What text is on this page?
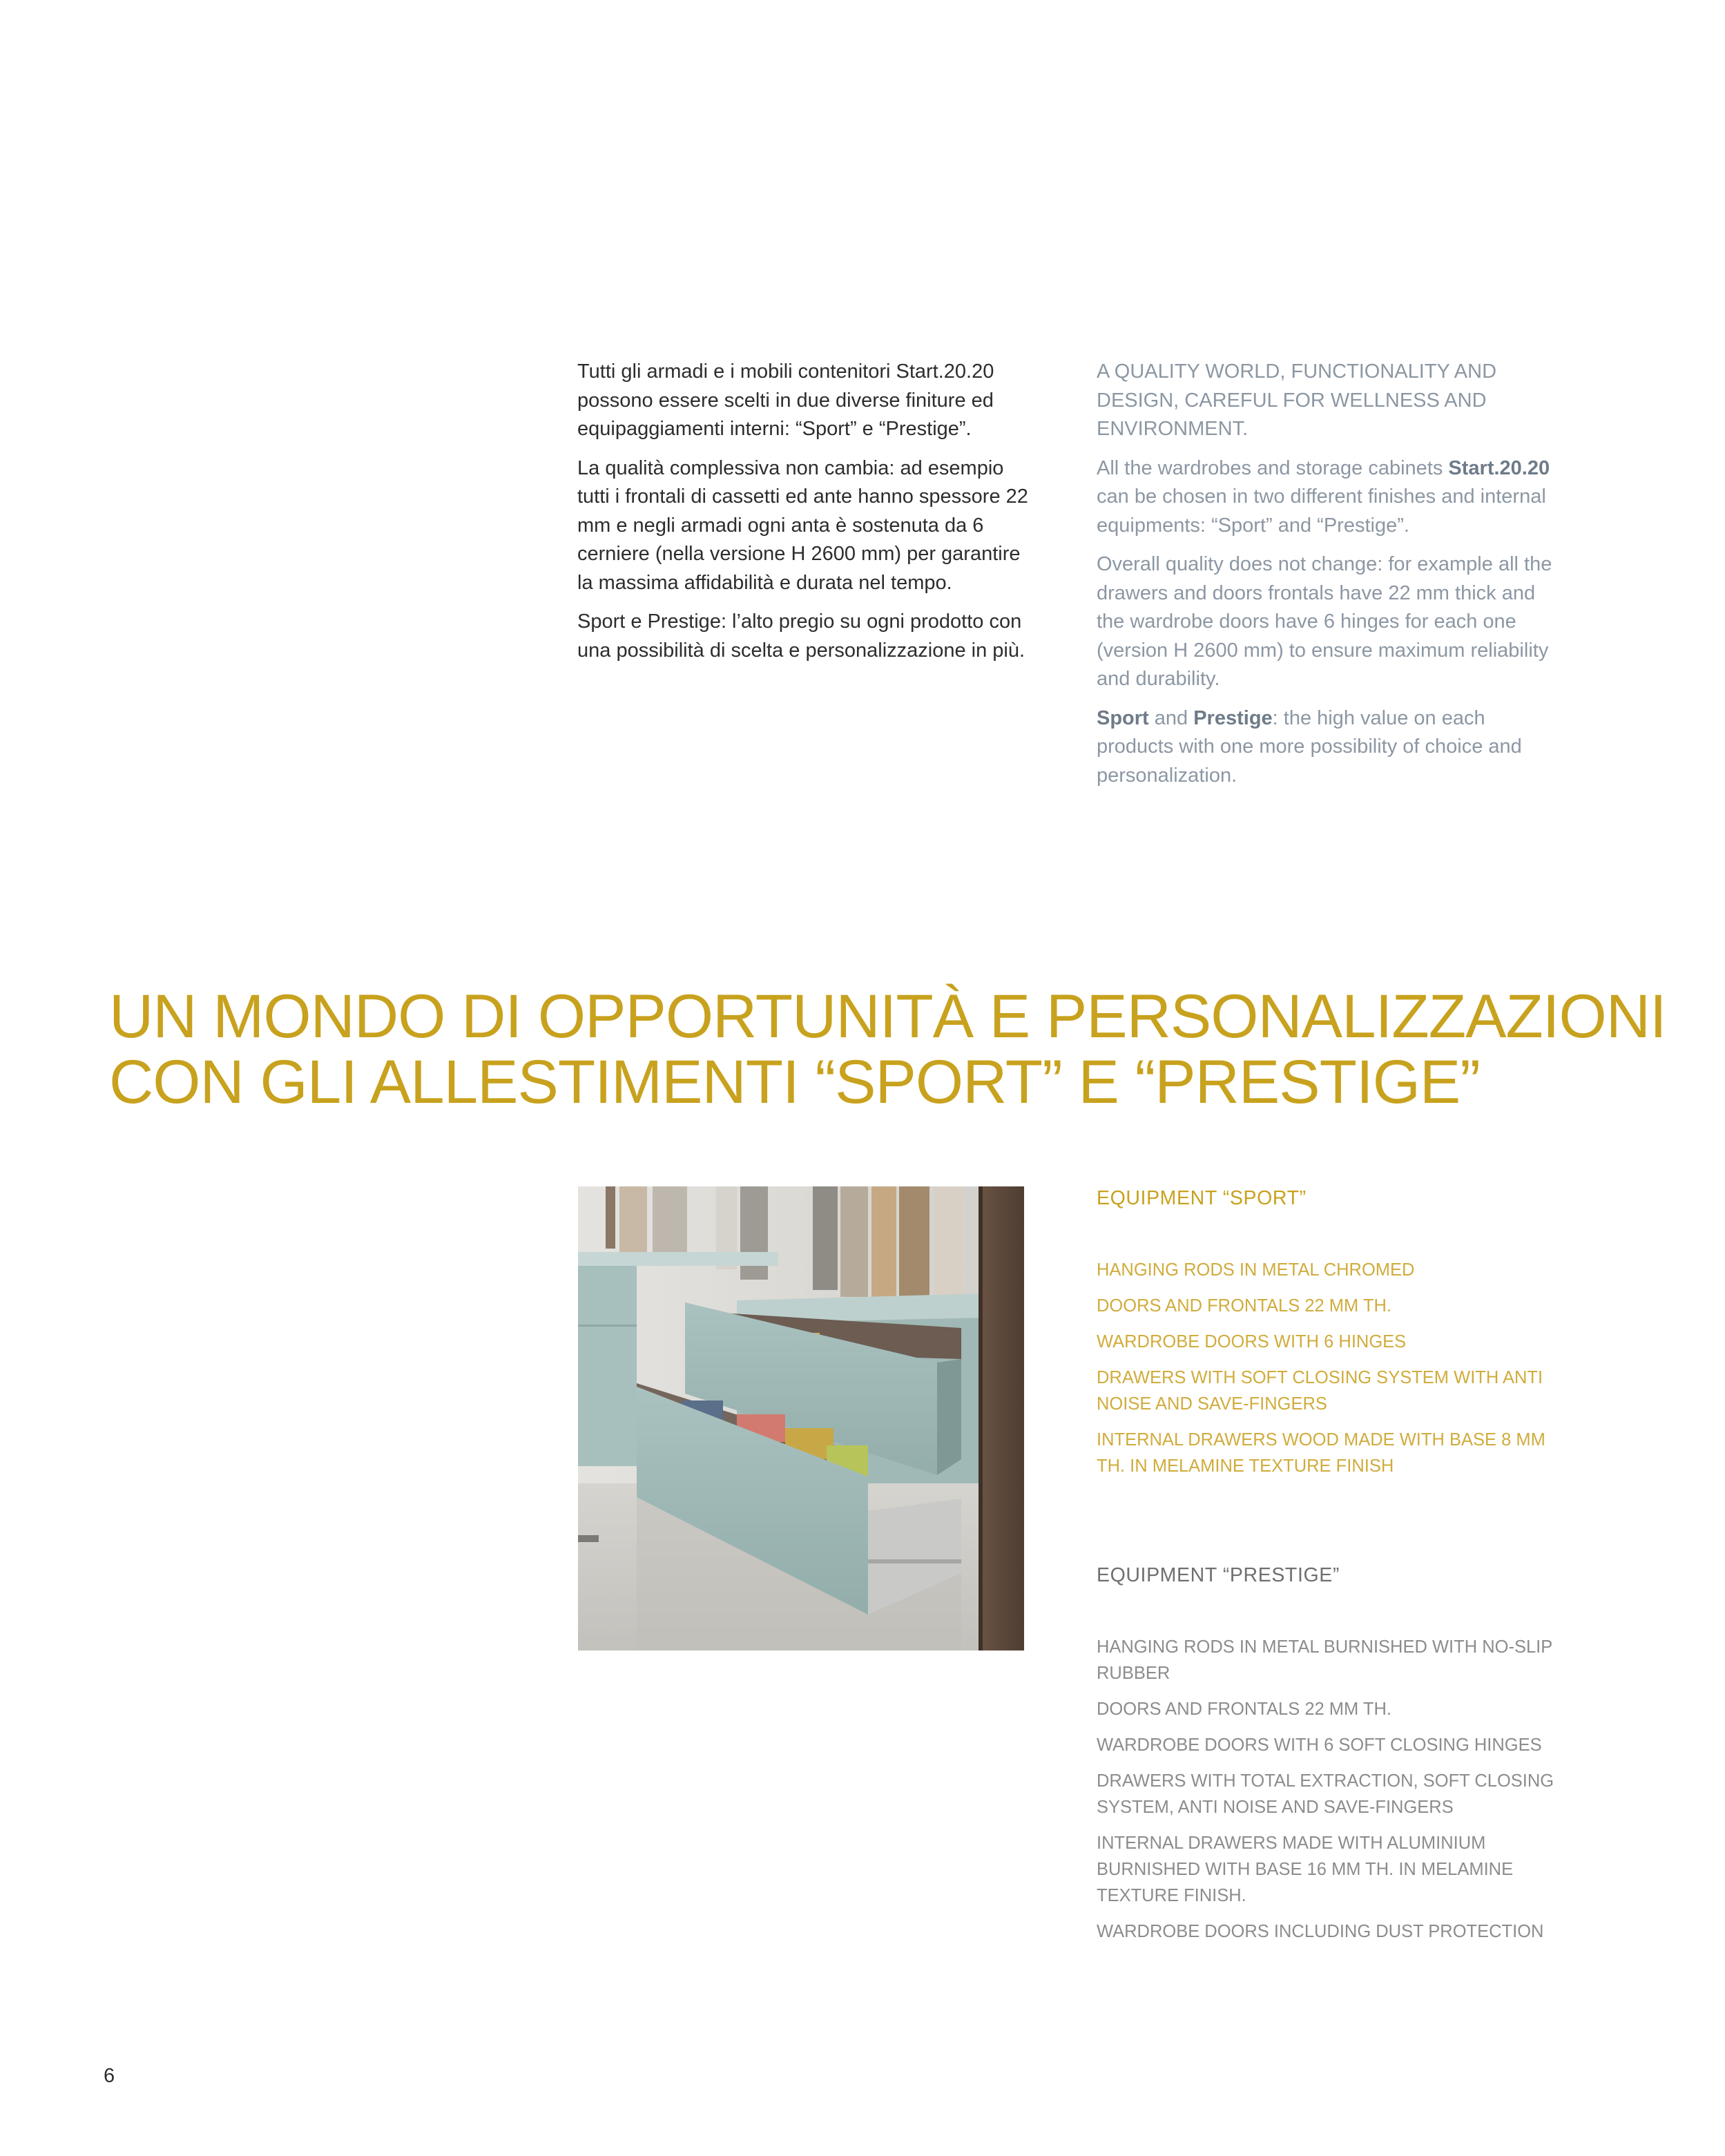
Tutti gli armadi e i mobili contenitori Start.20.20 possono essere scelti in due diverse finiture ed equipaggiamenti interni: “Sport” e “Prestige”.

La qualità complessiva non cambia: ad esempio tutti i frontali di cassetti ed ante hanno spessore 22 mm e negli armadi ogni anta è sostenuta da 6 cerniere (nella versione H 2600 mm) per garantire la massima affidabilità e durata nel tempo.

Sport e Prestige: l’alto pregio su ogni prodotto con una possibilità di scelta e personalizzazione in più.

A QUALITY WORLD, FUNCTIONALITY AND DESIGN, CAREFUL FOR WELLNESS AND ENVIRONMENT.

All the wardrobes and storage cabinets Start.20.20 can be chosen in two different finishes and internal equipments: “Sport” and “Prestige”.

Overall quality does not change: for example all the drawers and doors frontals have 22 mm thick and the wardrobe doors have 6 hinges for each one (version H 2600 mm) to ensure maximum reliability and durability.

Sport and Prestige: the high value on each products with one more possibility of choice and personalization.

UN MONDO DI OPPORTUNITÀ E PERSONALIZZAZIONI
CON GLI ALLESTIMENTI “SPORT” E “PRESTIGE”
EQUIPMENT “SPORT”
HANGING RODS IN METAL CHROMED
DOORS AND FRONTALS 22 MM TH.
WARDROBE DOORS WITH 6 HINGES
DRAWERS WITH SOFT CLOSING SYSTEM WITH ANTI NOISE AND SAVE-FINGERS
INTERNAL DRAWERS WOOD MADE WITH BASE 8 MM TH. IN MELAMINE TEXTURE FINISH
EQUIPMENT “PRESTIGE”
HANGING RODS IN METAL BURNISHED WITH NO-SLIP RUBBER
DOORS AND FRONTALS 22 MM TH.
WARDROBE DOORS WITH 6 SOFT CLOSING HINGES
DRAWERS WITH TOTAL EXTRACTION, SOFT CLOSING SYSTEM, ANTI NOISE AND SAVE-FINGERS
INTERNAL DRAWERS MADE WITH ALUMINIUM BURNISHED WITH BASE 16 MM TH. IN MELAMINE TEXTURE FINISH.
WARDROBE DOORS INCLUDING DUST PROTECTION
6
